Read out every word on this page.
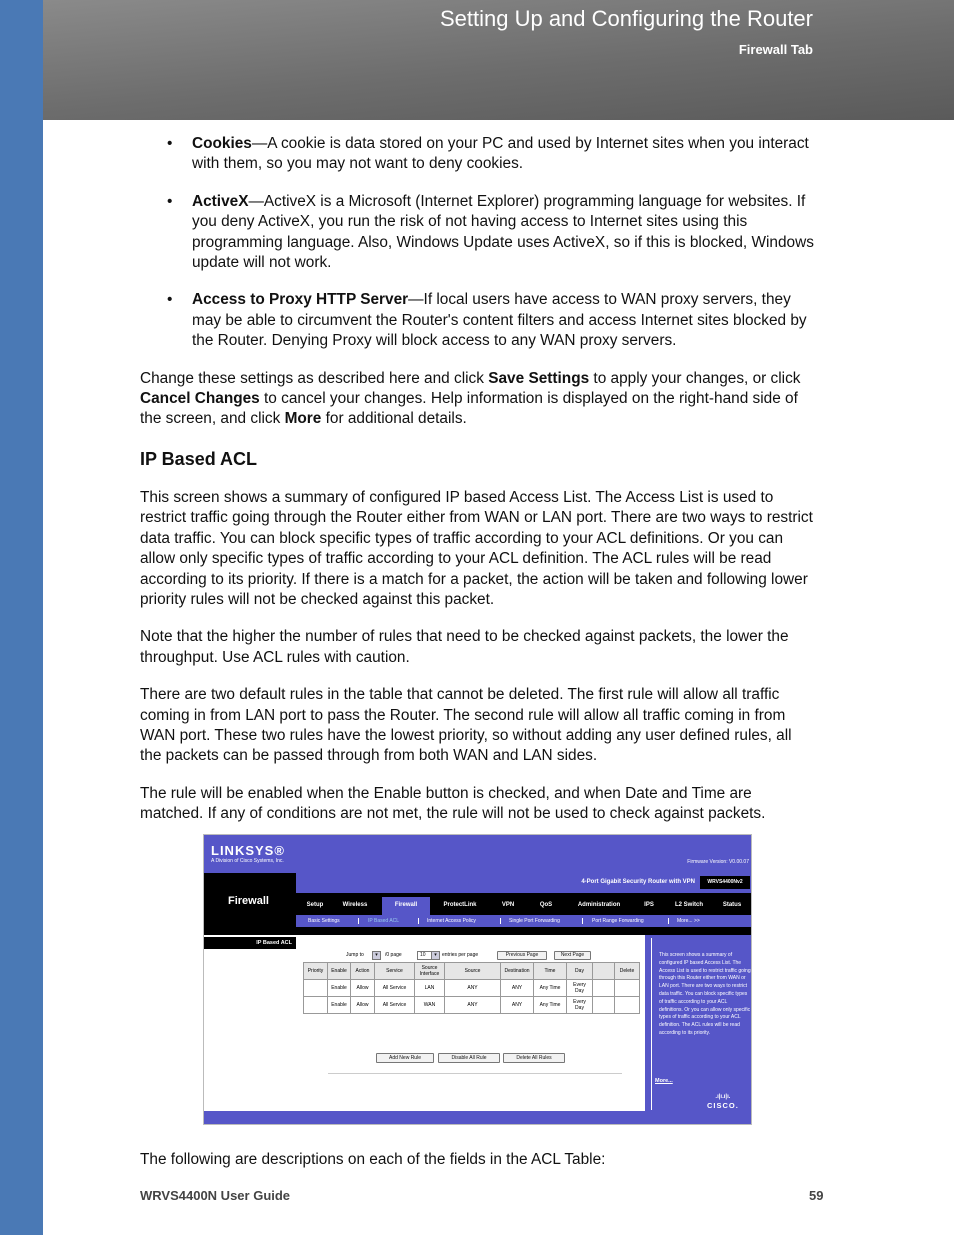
Setting Up and Configuring the Router
Firewall Tab
• Cookies—A cookie is data stored on your PC and used by Internet sites when you interact with them, so you may not want to deny cookies.
• ActiveX—ActiveX is a Microsoft (Internet Explorer) programming language for websites. If you deny ActiveX, you run the risk of not having access to Internet sites using this programming language. Also, Windows Update uses ActiveX, so if this is blocked, Windows update will not work.
• Access to Proxy HTTP Server—If local users have access to WAN proxy servers, they may be able to circumvent the Router's content filters and access Internet sites blocked by the Router. Denying Proxy will block access to any WAN proxy servers.

Change these settings as described here and click Save Settings to apply your changes, or click Cancel Changes to cancel your changes. Help information is displayed on the right-hand side of the screen, and click More for additional details.

IP Based ACL

This screen shows a summary of configured IP based Access List. The Access List is used to restrict traffic going through the Router either from WAN or LAN port. There are two ways to restrict data traffic. You can block specific types of traffic according to your ACL definitions. Or you can allow only specific types of traffic according to your ACL definition. The ACL rules will be read according to its priority. If there is a match for a packet, the action will be taken and following lower priority rules will not be checked against this packet.

Note that the higher the number of rules that need to be checked against packets, the lower the throughput. Use ACL rules with caution.

There are two default rules in the table that cannot be deleted. The first rule will allow all traffic coming in from LAN port to pass the Router. The second rule will allow all traffic coming in from WAN port. These two rules have the lowest priority, so without adding any user defined rules, all the packets can be passed through from both WAN and LAN sides.

The rule will be enabled when the Enable button is checked, and when Date and Time are matched. If any of conditions are not met, the rule will not be used to check against packets.

LINKSYS®
A Division of Cisco Systems, Inc.	Firmware Version: V0.00.07
Firewall
4-Port Gigabit Security Router with VPN	WRVS4400Nv2
Setup	Wireless	Firewall	ProtectLink	VPN	QoS	Administration	IPS	L2 Switch	Status
Basic Settings	IP Based ACL	Internet Access Policy	Single Port Forwarding	Port Range Forwarding	More... >>
IP Based ACL
Jump to	▾	/0 page	10	▾	entries per page	Previous Page	Next Page
Priority	Enable	Action	Service	Source Interface	Source	Destination	Time	Day		Delete
	Enable	Allow	All Service	LAN	ANY	ANY	Any Time	Every Day		
	Enable	Allow	All Service	WAN	ANY	ANY	Any Time	Every Day		
Add New Rule	Disable All Rule	Delete All Rules
This screen shows a summary of configured IP based Access List. The Access List is used to restrict traffic going through this Router either from WAN or LAN port. There are two ways to restrict data traffic. You can block specific types of traffic according to your ACL definitions. Or you can allow only specific types of traffic according to your ACL definition. The ACL rules will be read according to its priority.
More...
.ı|ı.ı|ı.
CISCO.
The following are descriptions on each of the fields in the ACL Table:
WRVS4400N User Guide	59
